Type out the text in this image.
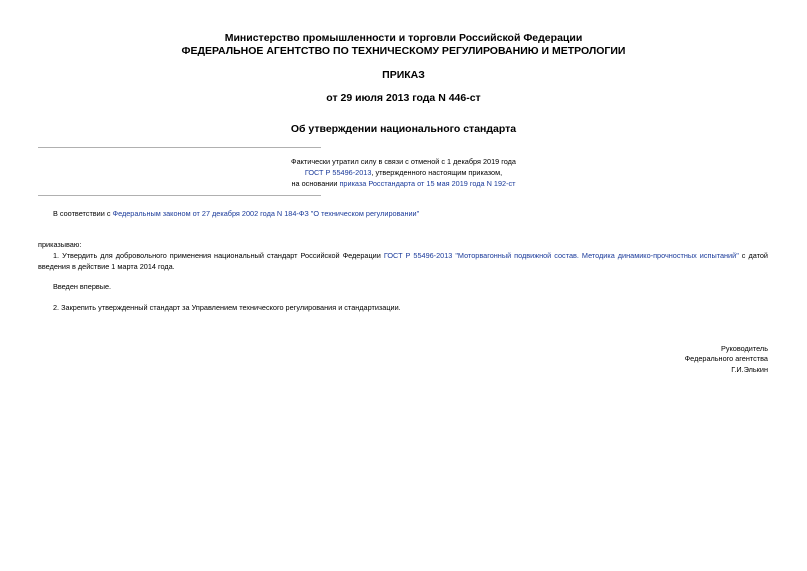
Министерство промышленности и торговли Российской Федерации
ФЕДЕРАЛЬНОЕ АГЕНТСТВО ПО ТЕХНИЧЕСКОМУ РЕГУЛИРОВАНИЮ И МЕТРОЛОГИИ
ПРИКАЗ
от 29 июля 2013 года N 446-ст
Об утверждении национального стандарта
Фактически утратил силу в связи с отменой с 1 декабря 2019 года
ГОСТ Р 55496-2013, утвержденного настоящим приказом,
на основании приказа Росстандарта от 15 мая 2019 года N 192-ст
В соответствии с Федеральным законом от 27 декабря 2002 года N 184-ФЗ "О техническом регулировании"
приказываю:
1. Утвердить для добровольного применения национальный стандарт Российской Федерации ГОСТ Р 55496-2013 "Моторвагонный подвижной состав. Методика динамико-прочностных испытаний" с датой
введения в действие 1 марта 2014 года.
Введен впервые.
2. Закрепить утвержденный стандарт за Управлением технического регулирования и стандартизации.
Руководитель
Федерального агентства
Г.И.Элькин
